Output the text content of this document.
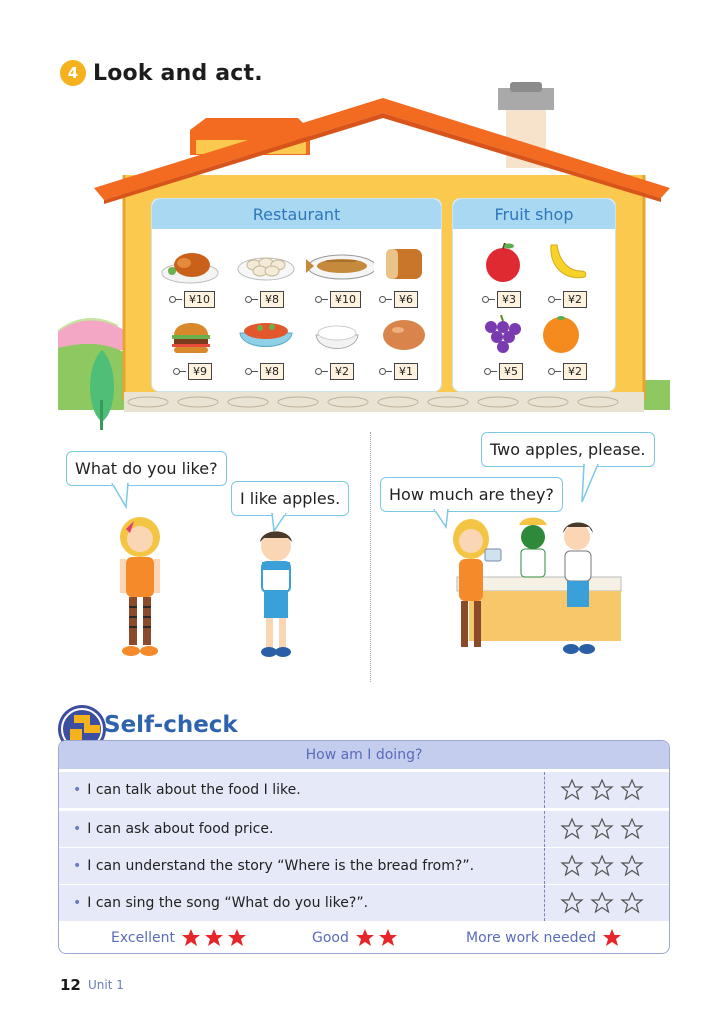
4 Look and act.
Restaurant
¥10	¥8	¥10	¥6
¥9	¥8	¥2	¥1
Fruit shop
¥3	¥2
¥5	¥2
What do you like?
I like apples.
Two apples, please.
How much are they?
Self-check
How am I doing?
• I can talk about the food I like.
• I can ask about food price.
• I can understand the story “Where is the bread from?”.
• I can sing the song “What do you like?”.
Excellent	Good	More work needed
12 Unit 1
